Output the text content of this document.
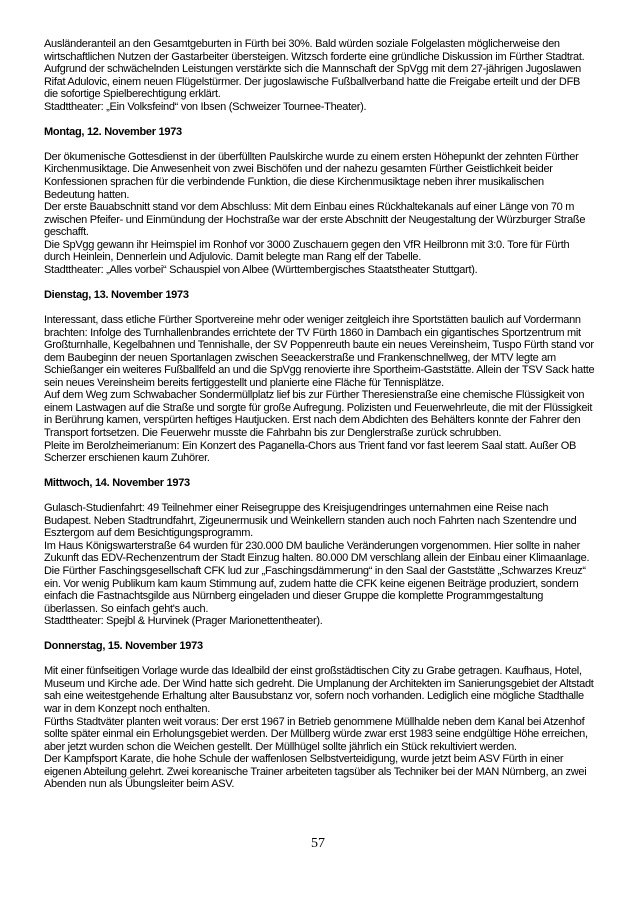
Ausländeranteil an den Gesamtgeburten in Fürth bei 30%. Bald würden soziale Folgelasten möglicherweise den wirtschaftlichen Nutzen der Gastarbeiter übersteigen. Witzsch forderte eine gründliche Diskussion im Fürther Stadtrat.

Aufgrund der schwächelnden Leistungen verstärkte sich die Mannschaft der SpVgg mit dem 27-jährigen Jugoslawen Rifat Adulovic, einem neuen Flügelstürmer. Der jugoslawische Fußballverband hatte die Freigabe erteilt und der DFB die sofortige Spielberechtigung erklärt.

Stadttheater: „Ein Volksfeind“ von Ibsen (Schweizer Tournee-Theater).

Montag, 12. November 1973

Der ökumenische Gottesdienst in der überfüllten Paulskirche wurde zu einem ersten Höhepunkt der zehnten Fürther Kirchenmusiktage. Die Anwesenheit von zwei Bischöfen und der nahezu gesamten Fürther Geistlichkeit beider Konfessionen sprachen für die verbindende Funktion, die diese Kirchenmusiktage neben ihrer musikalischen Bedeutung hatten.

Der erste Bauabschnitt stand vor dem Abschluss: Mit dem Einbau eines Rückhaltekanals auf einer Länge von 70 m zwischen Pfeifer- und Einmündung der Hochstraße war der erste Abschnitt der Neugestaltung der Würzburger Straße geschafft.

Die SpVgg gewann ihr Heimspiel im Ronhof vor 3000 Zuschauern gegen den VfR Heilbronn mit 3:0. Tore für Fürth durch Heinlein, Dennerlein und Adjulovic. Damit belegte man Rang elf der Tabelle.

Stadttheater: „Alles vorbei“ Schauspiel von Albee (Württembergisches Staatstheater Stuttgart).

Dienstag, 13. November 1973

Interessant, dass etliche Fürther Sportvereine mehr oder weniger zeitgleich ihre Sportstätten baulich auf Vordermann brachten: Infolge des Turnhallenbrandes errichtete der TV Fürth 1860 in Dambach ein gigantisches Sportzentrum mit Großturnhalle, Kegelbahnen und Tennishalle, der SV Poppenreuth baute ein neues Vereinsheim, Tuspo Fürth stand vor dem Baubeginn der neuen Sportanlagen zwischen Seeackerstraße und Frankenschnellweg, der MTV legte am Schießanger ein weiteres Fußballfeld an und die SpVgg renovierte ihre Sportheim-Gaststätte. Allein der TSV Sack hatte sein neues Vereinsheim bereits fertiggestellt und planierte eine Fläche für Tennisplätze.

Auf dem Weg zum Schwabacher Sondermüllplatz lief bis zur Fürther Theresienstraße eine chemische Flüssigkeit von einem Lastwagen auf die Straße und sorgte für große Aufregung. Polizisten und Feuerwehrleute, die mit der Flüssigkeit in Berührung kamen, verspürten heftiges Hautjucken. Erst nach dem Abdichten des Behälters konnte der Fahrer den Transport fortsetzen. Die Feuerwehr musste die Fahrbahn bis zur Denglerstraße zurück schrubben.

Pleite im Berolzheimerianum: Ein Konzert des Paganella-Chors aus Trient fand vor fast leerem Saal statt. Außer OB Scherzer erschienen kaum Zuhörer.

Mittwoch, 14. November 1973

Gulasch-Studienfahrt: 49 Teilnehmer einer Reisegruppe des Kreisjugendringes unternahmen eine Reise nach Budapest. Neben Stadtrundfahrt, Zigeunermusik und Weinkellern standen auch noch Fahrten nach Szentendre und Esztergom auf dem Besichtigungsprogramm.

Im Haus Königswarterstraße 64 wurden für 230.000 DM bauliche Veränderungen vorgenommen. Hier sollte in naher Zukunft das EDV-Rechenzentrum der Stadt Einzug halten. 80.000 DM verschlang allein der Einbau einer Klimaanlage.

Die Fürther Faschingsgesellschaft CFK lud zur „Faschingsdämmerung“ in den Saal der Gaststätte „Schwarzes Kreuz“ ein. Vor wenig Publikum kam kaum Stimmung auf, zudem hatte die CFK keine eigenen Beiträge produziert, sondern einfach die Fastnachtsgilde aus Nürnberg eingeladen und dieser Gruppe die komplette Programmgestaltung überlassen. So einfach geht's auch.

Stadttheater: Spejbl & Hurvinek (Prager Marionettentheater).

Donnerstag, 15. November 1973

Mit einer fünfseitigen Vorlage wurde das Idealbild der einst großstädtischen City zu Grabe getragen. Kaufhaus, Hotel, Museum und Kirche ade. Der Wind hatte sich gedreht. Die Umplanung der Architekten im Sanierungsgebiet der Altstadt sah eine weitestgehende Erhaltung alter Bausubstanz vor, sofern noch vorhanden. Lediglich eine mögliche Stadthalle war in dem Konzept noch enthalten.

Fürths Stadtväter planten weit voraus: Der erst 1967 in Betrieb genommene Müllhalde neben dem Kanal bei Atzenhof sollte später einmal ein Erholungsgebiet werden. Der Müllberg würde zwar erst 1983 seine endgültige Höhe erreichen, aber jetzt wurden schon die Weichen gestellt. Der Müllhügel sollte jährlich ein Stück rekultiviert werden.

Der Kampfsport Karate, die hohe Schule der waffenlosen Selbstverteidigung, wurde jetzt beim ASV Fürth in einer eigenen Abteilung gelehrt. Zwei koreanische Trainer arbeiteten tagsüber als Techniker bei der MAN Nürnberg, an zwei Abenden nun als Übungsleiter beim ASV.

57
